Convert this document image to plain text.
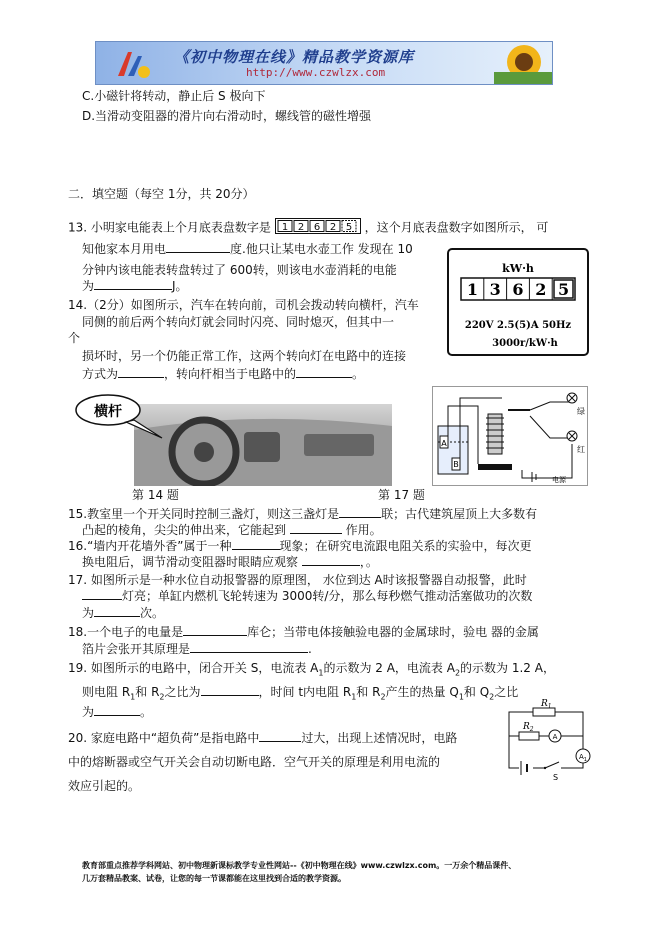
《初中物理在线》精品教学资源库
http://www.czwlzx.com
C.小磁针将转动，静止后 S 极向下
D.当滑动变阻器的滑片向右滑动时，螺线管的磁性增强
二．填空题（每空 1分，共 20分）
13. 小明家电能表上个月底表盘数字是 1 2 6 2 5 ，这个月底表盘数字如图所示， 可
知他家本月用电	度.他只让某电水壶工作 发现在 10
分钟内该电能表转盘转过了 600转，则该电水壶消耗的电能
为	J。
kW·h
1 3 6 2 5
220V 2.5(5)A 50Hz
3000r/kW·h
14.（2分）如图所示，汽车在转向前，司机会拨动转向横杆，汽车
同侧的前后两个转向灯就会同时闪亮、同时熄灭，但其中一
个
损坏时，另一个仍能正常工作，这两个转向灯在电路中的连接
方式为	，转向杆相当于电路中的	。
横杆
第 14 题
A
B
绿
红
电源
第 17 题
15.教室里一个开关同时控制三盏灯，则这三盏灯是	联；古代建筑屋顶上大多数有
凸起的棱角，尖尖的伸出来，它能起到	作用。
16.“墙内开花墙外香”属于一种	现象；在研究电流跟电阻关系的实验中，每次更
换电阻后，调节滑动变阻器时眼睛应观察	，。
17. 如图所示是一种水位自动报警器的原理图， 水位到达 A时该报警器自动报警，此时
灯亮；单缸内燃机飞轮转速为 3000转/分，那么每秒燃气推动活塞做功的次数
为	次。
18.一个电子的电量是	库仑；当带电体接触验电器的金属球时，验电 器的金属
箔片会张开其原理是	.
19. 如图所示的电路中，闭合开关 S，电流表 $A_1$的示数为 2 A，电流表 $A_2$的示数为 1.2 A，
则电阻 $R_1$和 $R_2$之比为	，时间 t内电阻 $R_1$和 $R_2$产生的热量 $Q_1$和 $Q_2$之比
为	。
20. 家庭电路中“超负荷”是指电路中	过大，出现上述情况时，电路
中的熔断器或空气开关会自动切断电路．空气开关的原理是利用电流的
效应引起的。
$R_1$
$R_2$
A
$A_1$
S
教育部重点推荐学科网站、初中物理新课标教学专业性网站--《初中物理在线》www.czwlzx.com。一万余个精品课件、
几万套精品教案、试卷，让您的每一节课都能在这里找到合适的教学资源。
